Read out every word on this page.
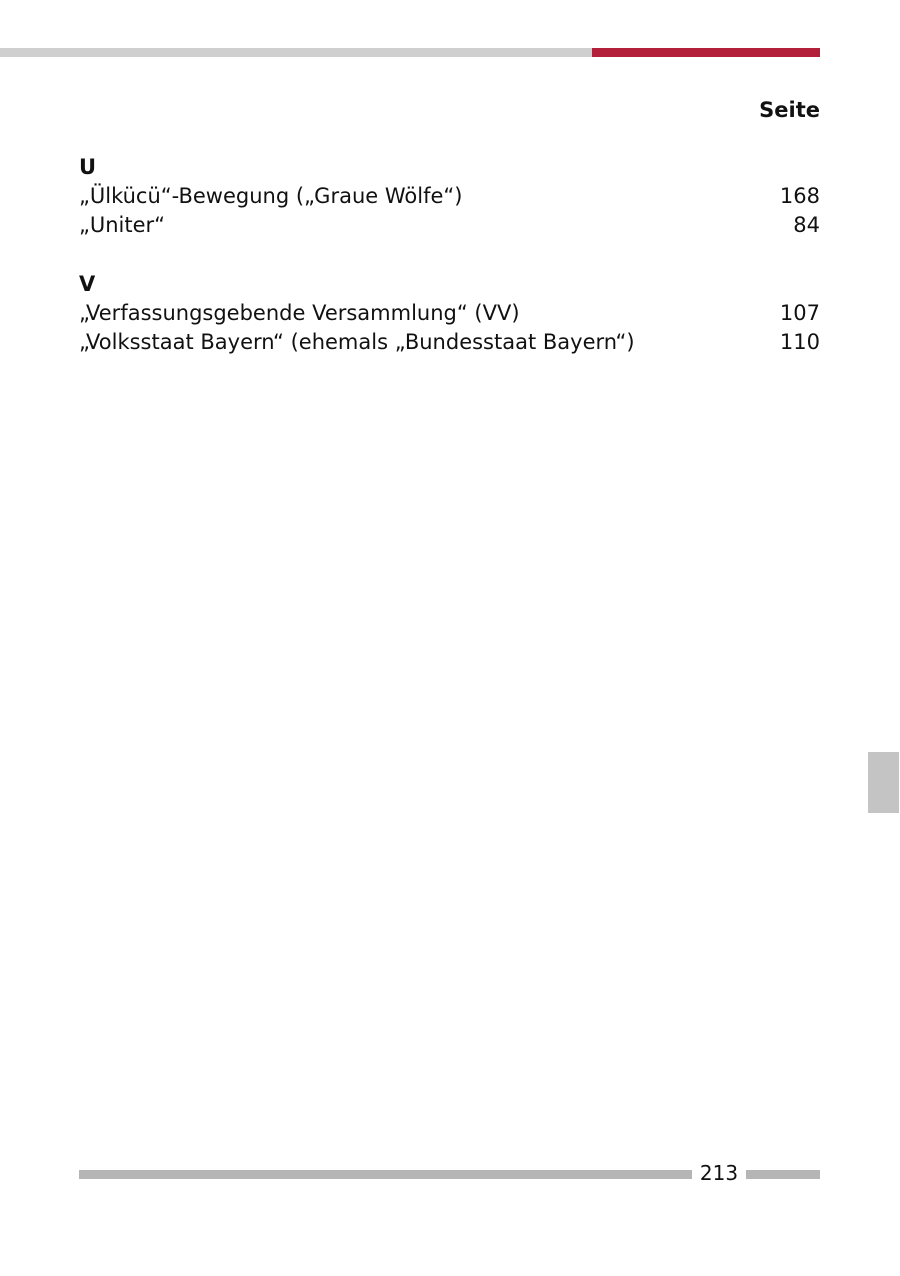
Seite
U
„Ülkücü“-Bewegung („Graue Wölfe“)	168
„Uniter“	84
V
„Verfassungsgebende Versammlung“ (VV)	107
„Volksstaat Bayern“ (ehemals „Bundesstaat Bayern“)	110
213
